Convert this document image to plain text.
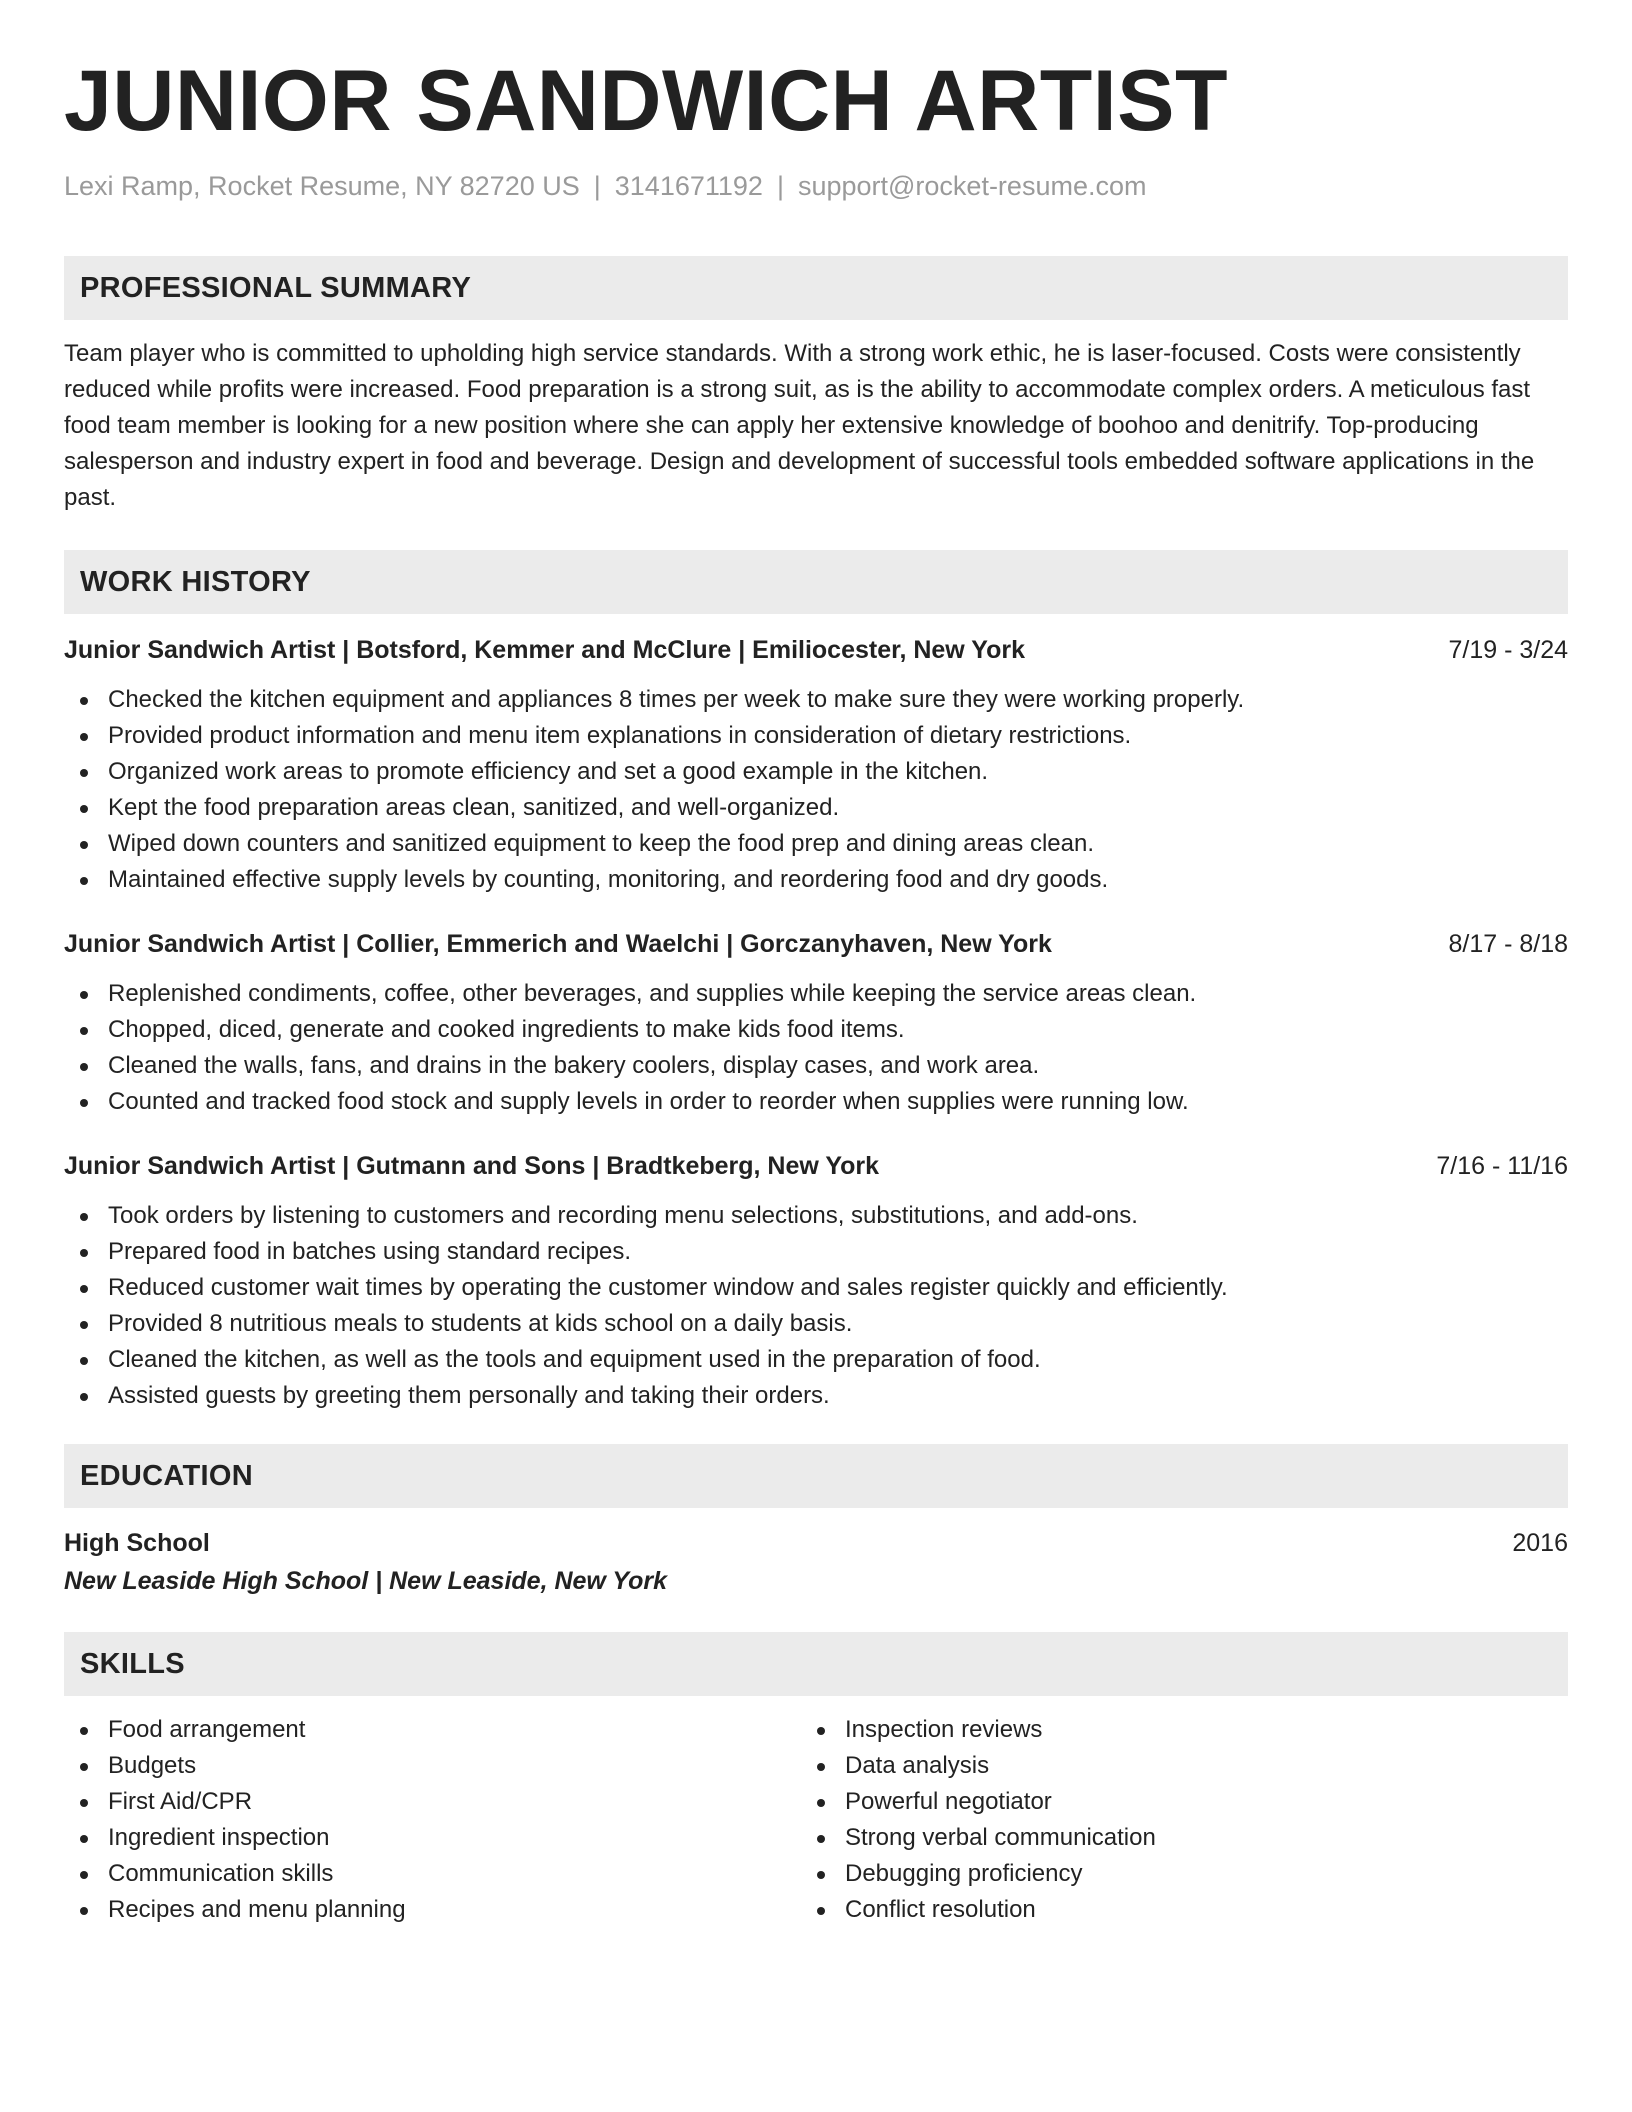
JUNIOR SANDWICH ARTIST
Lexi Ramp, Rocket Resume, NY 82720 US | 3141671192 | support@rocket-resume.com
PROFESSIONAL SUMMARY
Team player who is committed to upholding high service standards. With a strong work ethic, he is laser-focused. Costs were consistently reduced while profits were increased. Food preparation is a strong suit, as is the ability to accommodate complex orders. A meticulous fast food team member is looking for a new position where she can apply her extensive knowledge of boohoo and denitrify. Top-producing salesperson and industry expert in food and beverage. Design and development of successful tools embedded software applications in the past.
WORK HISTORY
Junior Sandwich Artist | Botsford, Kemmer and McClure | Emiliocester, New York	7/19 - 3/24
Checked the kitchen equipment and appliances 8 times per week to make sure they were working properly.
Provided product information and menu item explanations in consideration of dietary restrictions.
Organized work areas to promote efficiency and set a good example in the kitchen.
Kept the food preparation areas clean, sanitized, and well-organized.
Wiped down counters and sanitized equipment to keep the food prep and dining areas clean.
Maintained effective supply levels by counting, monitoring, and reordering food and dry goods.
Junior Sandwich Artist | Collier, Emmerich and Waelchi | Gorczanyhaven, New York	8/17 - 8/18
Replenished condiments, coffee, other beverages, and supplies while keeping the service areas clean.
Chopped, diced, generate and cooked ingredients to make kids food items.
Cleaned the walls, fans, and drains in the bakery coolers, display cases, and work area.
Counted and tracked food stock and supply levels in order to reorder when supplies were running low.
Junior Sandwich Artist | Gutmann and Sons | Bradtkeberg, New York	7/16 - 11/16
Took orders by listening to customers and recording menu selections, substitutions, and add-ons.
Prepared food in batches using standard recipes.
Reduced customer wait times by operating the customer window and sales register quickly and efficiently.
Provided 8 nutritious meals to students at kids school on a daily basis.
Cleaned the kitchen, as well as the tools and equipment used in the preparation of food.
Assisted guests by greeting them personally and taking their orders.
EDUCATION
High School	2016
New Leaside High School | New Leaside, New York
SKILLS
Food arrangement
Budgets
First Aid/CPR
Ingredient inspection
Communication skills
Recipes and menu planning
Inspection reviews
Data analysis
Powerful negotiator
Strong verbal communication
Debugging proficiency
Conflict resolution
